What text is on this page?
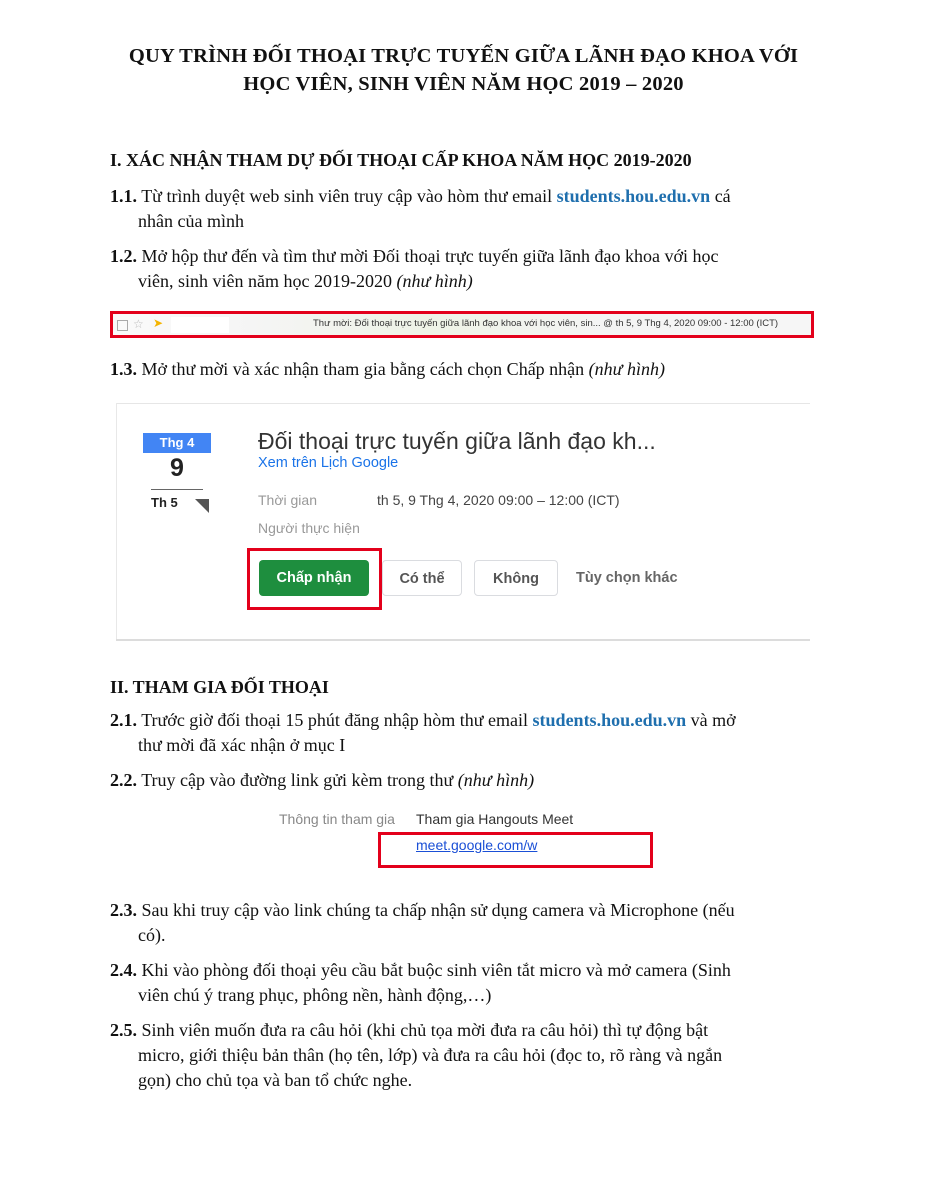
QUY TRÌNH ĐỐI THOẠI TRỰC TUYẾN GIỮA LÃNH ĐẠO KHOA VỚI
HỌC VIÊN, SINH VIÊN NĂM HỌC 2019 – 2020
I. XÁC NHẬN THAM DỰ ĐỐI THOẠI CẤP KHOA NĂM HỌC 2019-2020
1.1. Từ trình duyệt web sinh viên truy cập vào hòm thư email students.hou.edu.vn cá
nhân của mình
1.2. Mở hộp thư đến và tìm thư mời Đối thoại trực tuyến giữa lãnh đạo khoa với học
viên, sinh viên năm học 2019-2020 (như hình)
☆ ➤	Thư mời: Đối thoại trực tuyến giữa lãnh đạo khoa với học viên, sin... @ th 5, 9 Thg 4, 2020 09:00 - 12:00 (ICT)
1.3. Mở thư mời và xác nhận tham gia bằng cách chọn Chấp nhận (như hình)
Thg 4
9
Th 5
Đối thoại trực tuyến giữa lãnh đạo kh...
Xem trên Lịch Google
Thời gian	th 5, 9 Thg 4, 2020 09:00 – 12:00 (ICT)
Người thực hiện
Chấp nhận	Có thể	Không	Tùy chọn khác
II. THAM GIA ĐỐI THOẠI
2.1. Trước giờ đối thoại 15 phút đăng nhập hòm thư email students.hou.edu.vn và mở
thư mời đã xác nhận ở mục I
2.2. Truy cập vào đường link gửi kèm trong thư (như hình)
Thông tin tham gia Tham gia Hangouts Meet
meet.google.com/w
2.3. Sau khi truy cập vào link chúng ta chấp nhận sử dụng camera và Microphone (nếu
có).
2.4. Khi vào phòng đối thoại yêu cầu bắt buộc sinh viên tắt micro và mở camera (Sinh
viên chú ý trang phục, phông nền, hành động,…)
2.5. Sinh viên muốn đưa ra câu hỏi (khi chủ tọa mời đưa ra câu hỏi) thì tự động bật
micro, giới thiệu bản thân (họ tên, lớp) và đưa ra câu hỏi (đọc to, rõ ràng và ngắn
gọn) cho chủ tọa và ban tổ chức nghe.
